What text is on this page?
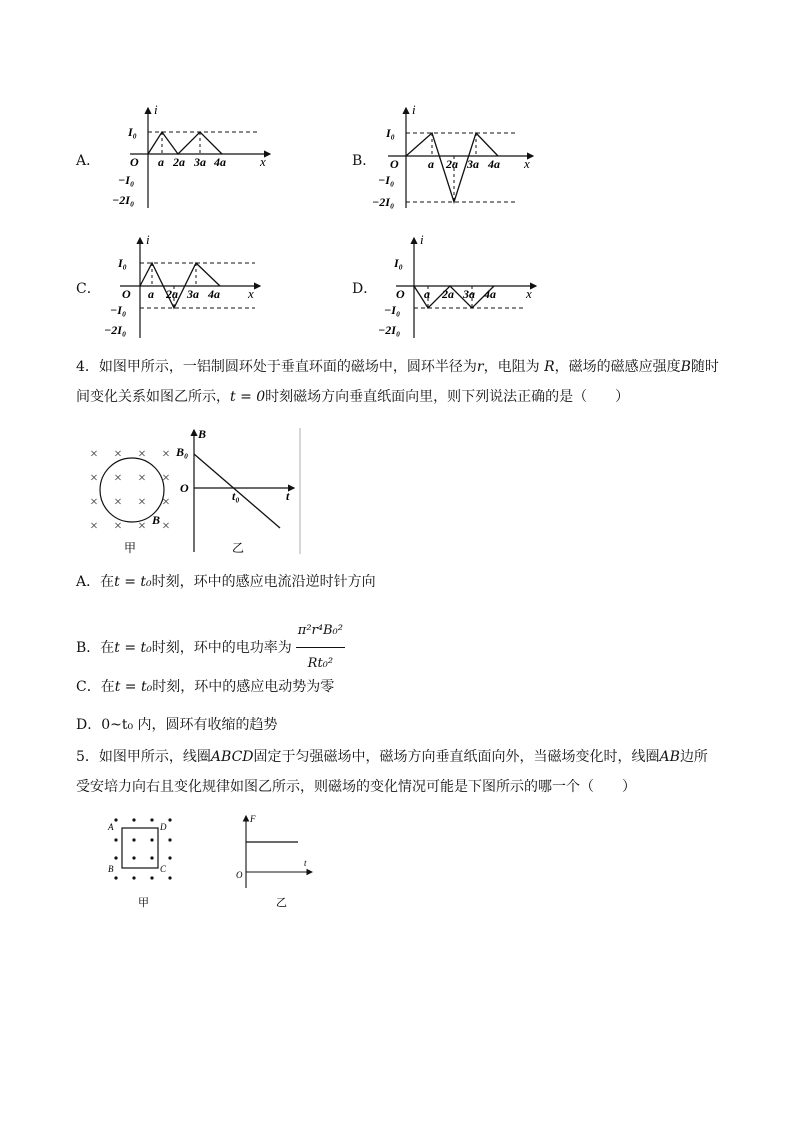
A．
i
x
I₀
O
−I₀
−2I₀
a 2a 3a 4a	B．
i
x
I₀
O
−I₀
−2I₀
a 2a 3a 4a
C．
i
x
I₀
O
−I₀
−2I₀
a 2a 3a 4a	D．
i
x
I₀
O
−I₀
−2I₀
a 2a 3a 4a
4．如图甲所示，一铝制圆环处于垂直环面的磁场中，圆环半径为r，电阻为 R，磁场的磁感应强度B随时
间变化关系如图乙所示，t = 0时刻磁场方向垂直纸面向里，则下列说法正确的是（　　）
× × × ×
× × × ×
× × × ×
× × × ×
B
甲
B
B₀
O
t₀	t
乙
A．在t = t₀时刻，环中的感应电流沿逆时针方向
B．在 t = t₀ 时刻，环中的电功率为 $\frac{\text{π²r⁴B₀²}}{\text{Rt₀²}}$
C．在t = t₀时刻，环中的感应电动势为零
D．0~t₀ 内，圆环有收缩的趋势
5．如图甲所示，线圈ABCD固定于匀强磁场中，磁场方向垂直纸面向外，当磁场变化时，线圈AB边所
受安培力向右且变化规律如图乙所示，则磁场的变化情况可能是下图所示的哪一个（　　）
A	D
B	C
甲
F
O
t
乙
